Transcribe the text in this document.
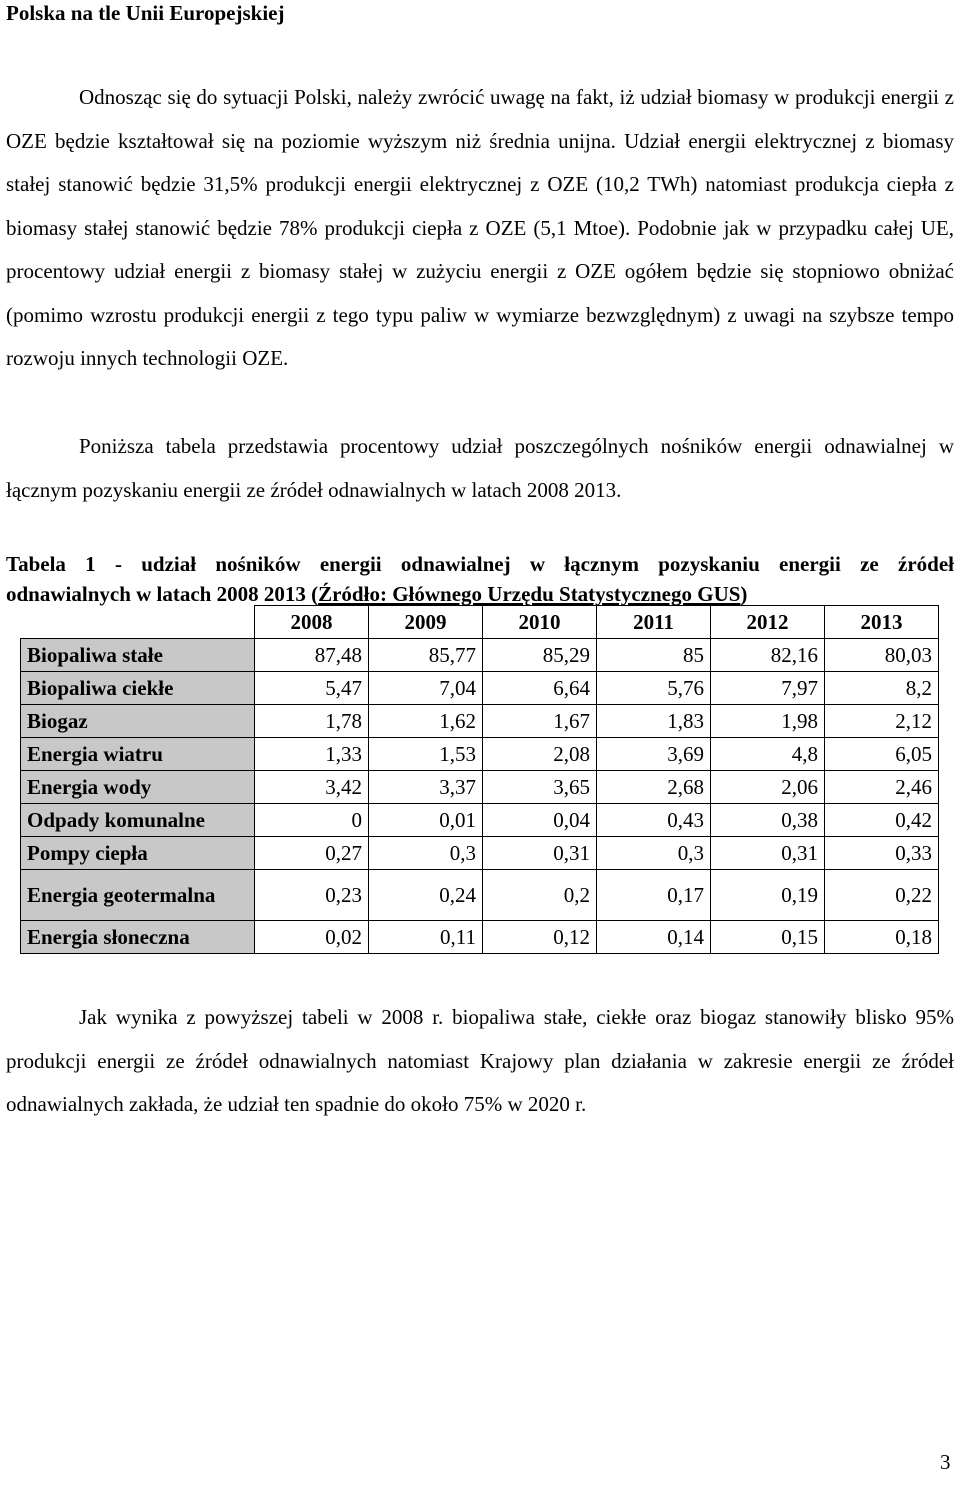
Polska na tle Unii Europejskiej

Odnosząc się do sytuacji Polski, należy zwrócić uwagę na fakt, iż udział biomasy w produkcji energii z OZE będzie kształtował się na poziomie wyższym niż średnia unijna. Udział energii elektrycznej z biomasy stałej stanowić będzie 31,5% produkcji energii elektrycznej z OZE (10,2 TWh) natomiast produkcja ciepła z biomasy stałej stanowić będzie 78% produkcji ciepła z OZE (5,1 Mtoe). Podobnie jak w przypadku całej UE, procentowy udział energii z biomasy stałej w zużyciu energii z OZE ogółem będzie się stopniowo obniżać (pomimo wzrostu produkcji energii z tego typu paliw w wymiarze bezwzględnym) z uwagi na szybsze tempo rozwoju innych technologii OZE.

Poniższa tabela przedstawia procentowy udział poszczególnych nośników energii odnawialnej w łącznym pozyskaniu energii ze źródeł odnawialnych w latach 2008 2013.

Tabela 1 - udział nośników energii odnawialnej w łącznym pozyskaniu energii ze źródeł
odnawialnych w latach 2008 2013 (Źródło: Głównego Urzędu Statystycznego GUS)
	2008	2009	2010	2011	2012	2013
Biopaliwa stałe	87,48	85,77	85,29	85	82,16	80,03
Biopaliwa ciekłe	5,47	7,04	6,64	5,76	7,97	8,2
Biogaz	1,78	1,62	1,67	1,83	1,98	2,12
Energia wiatru	1,33	1,53	2,08	3,69	4,8	6,05
Energia wody	3,42	3,37	3,65	2,68	2,06	2,46
Odpady komunalne	0	0,01	0,04	0,43	0,38	0,42
Pompy ciepła	0,27	0,3	0,31	0,3	0,31	0,33
Energia geotermalna	0,23	0,24	0,2	0,17	0,19	0,22
Energia słoneczna	0,02	0,11	0,12	0,14	0,15	0,18

Jak wynika z powyższej tabeli w 2008 r. biopaliwa stałe, ciekłe oraz biogaz stanowiły blisko 95% produkcji energii ze źródeł odnawialnych natomiast Krajowy plan działania w zakresie energii ze źródeł odnawialnych zakłada, że udział ten spadnie do około 75% w 2020 r.

3
